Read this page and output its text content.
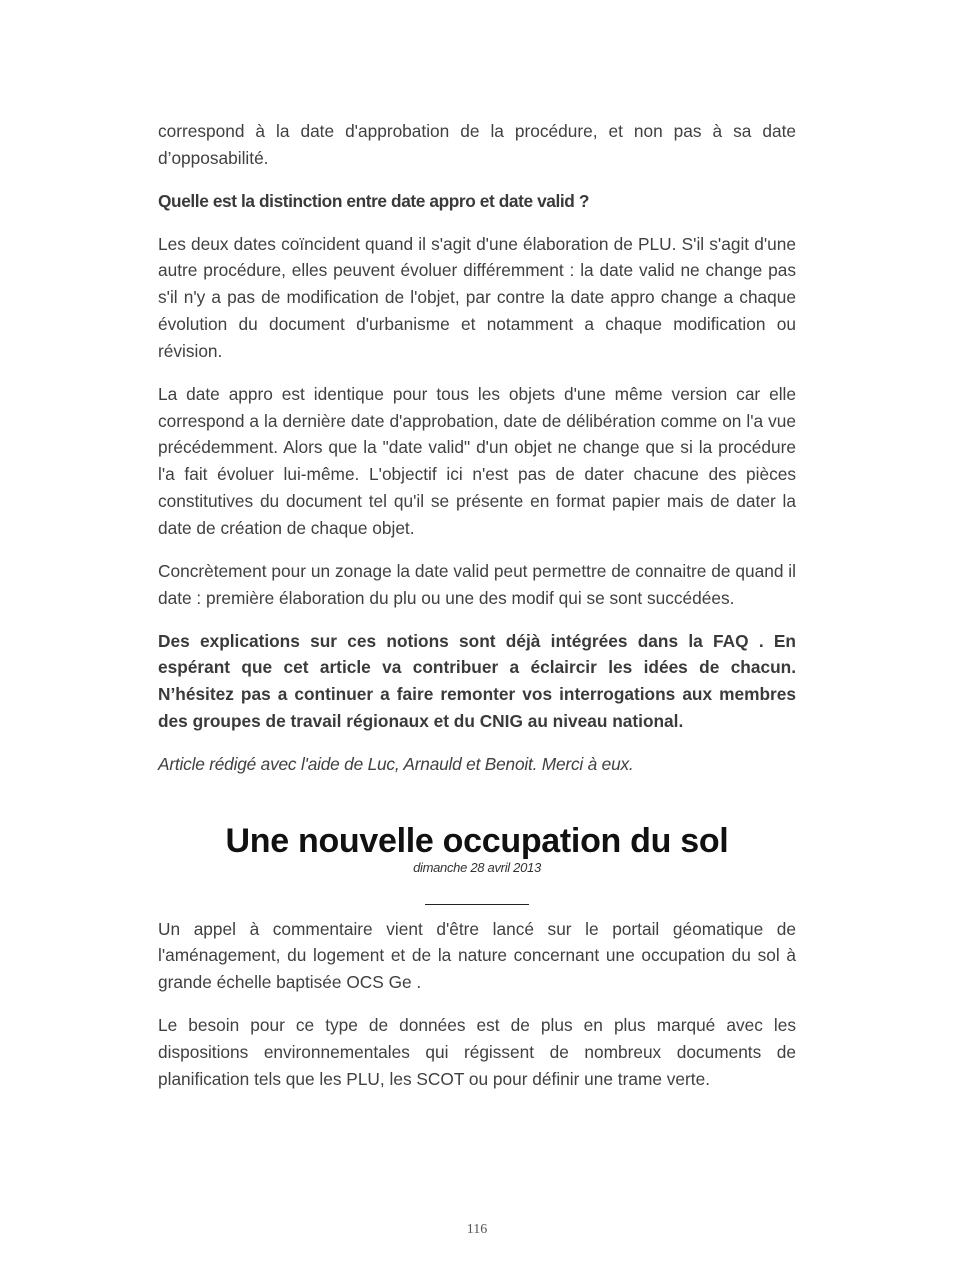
correspond à la date d'approbation de la procédure, et non pas à sa date d’opposabilité.

Quelle est la distinction entre date appro et date valid ?

Les deux dates coïncident quand il s'agit d'une élaboration de PLU. S'il s'agit d'une autre procédure, elles peuvent évoluer différemment : la date valid ne change pas s'il n'y a pas de modification de l'objet, par contre la date appro change a chaque évolution du document d'urbanisme et notamment a chaque modification ou révision.

La date appro est identique pour tous les objets d'une même version car elle correspond a la dernière date d'approbation, date de délibération comme on l'a vue précédemment. Alors que la "date valid" d'un objet ne change que si la procédure l'a fait évoluer lui-même. L'objectif ici n'est pas de dater chacune des pièces constitutives du document tel qu'il se présente en format papier mais de dater la date de création de chaque objet.

Concrètement pour un zonage la date valid peut permettre de connaitre de quand il date : première élaboration du plu ou une des modif qui se sont succédées.

Des explications sur ces notions sont déjà intégrées dans la FAQ . En espérant que cet article va contribuer a éclaircir les idées de chacun. N’hésitez pas a continuer a faire remonter vos interrogations aux membres des groupes de travail régionaux et du CNIG au niveau national.

Article rédigé avec l'aide de Luc, Arnauld et Benoit. Merci à eux.

Une nouvelle occupation du sol

dimanche 28 avril 2013

Un appel à commentaire vient d'être lancé sur le portail géomatique de l'aménagement, du logement et de la nature concernant une occupation du sol à grande échelle baptisée OCS Ge .

Le besoin pour ce type de données est de plus en plus marqué avec les dispositions environnementales qui régissent de nombreux documents de planification tels que les PLU, les SCOT ou pour définir une trame verte.

116
